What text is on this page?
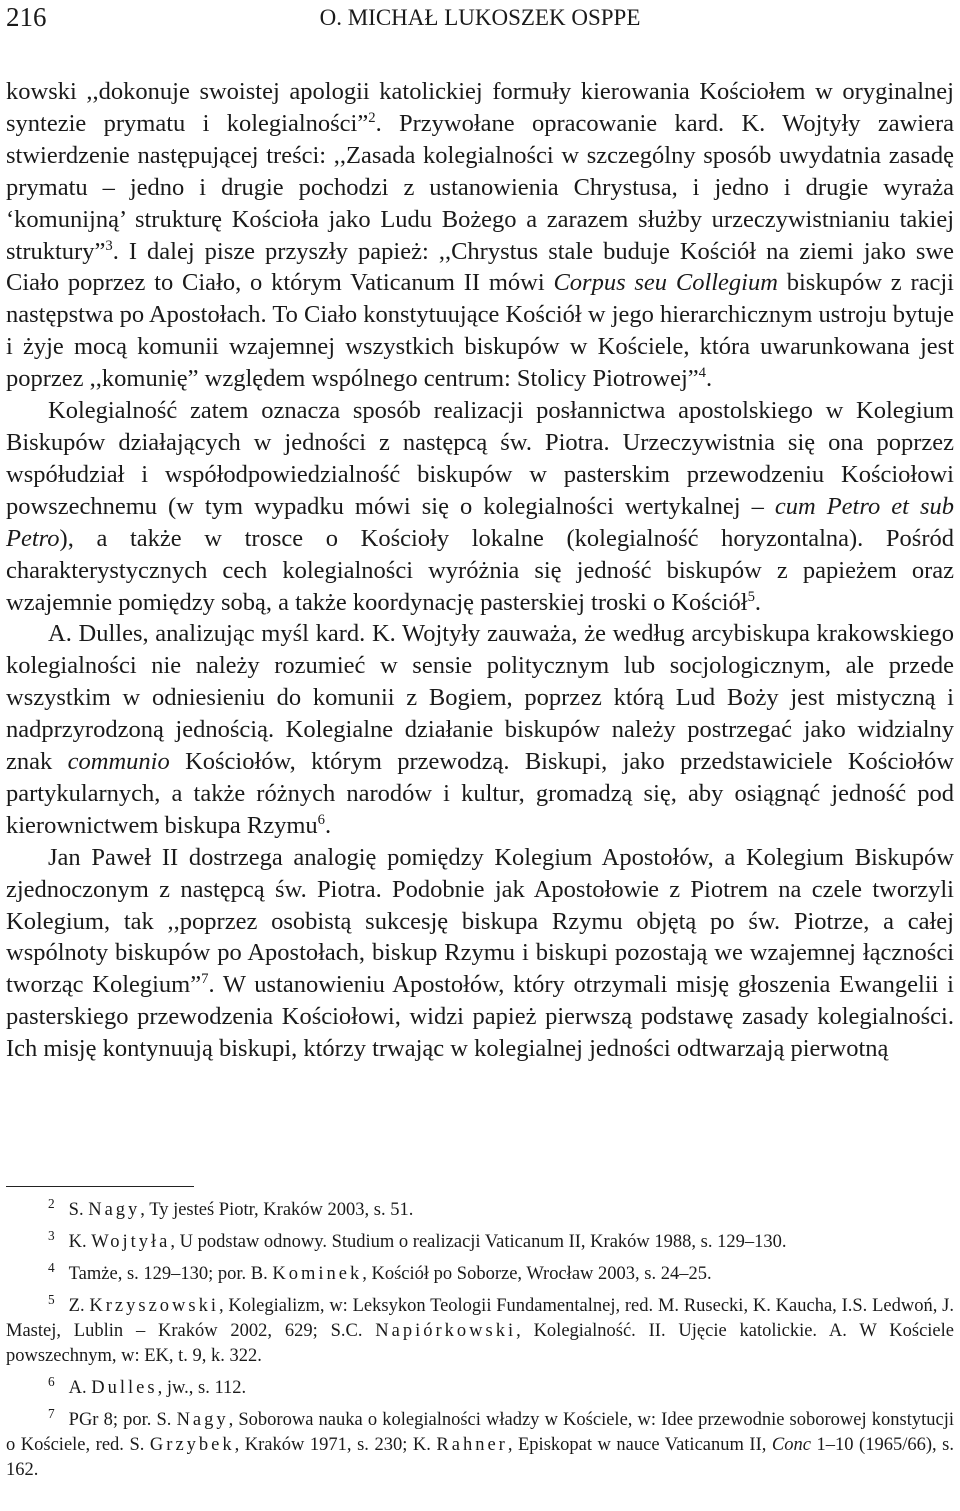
216	O. MICHAŁ LUKOSZEK OSPPE

kowski ,,dokonuje swoistej apologii katolickiej formuły kierowania Kościołem w oryginalnej syntezie prymatu i kolegialności”$^2$. Przywołane opracowanie kard. K. Wojtyły zawiera stwierdzenie następującej treści: ,,Zasada kolegialności w szczególny sposób uwydatnia zasadę prymatu – jedno i drugie pochodzi z ustanowienia Chrystusa, i jedno i drugie wyraża ‘komunijną’ strukturę Kościoła jako Ludu Bożego a zarazem służby urzeczywistnianiu takiej struktury”$^3$. I dalej pisze przyszły papież: ,,Chrystus stale buduje Kościół na ziemi jako swe Ciało poprzez to Ciało, o którym Vaticanum II mówi Corpus seu Collegium biskupów z racji następstwa po Apostołach. To Ciało konstytuujące Kościół w jego hierarchicznym ustroju bytuje i żyje mocą komunii wzajemnej wszystkich biskupów w Kościele, która uwarunkowana jest poprzez ,,komunię” względem wspólnego centrum: Stolicy Piotrowej”$^4$.

Kolegialność zatem oznacza sposób realizacji posłannictwa apostolskiego w Kolegium Biskupów działających w jedności z następcą św. Piotra. Urzeczywistnia się ona poprzez współudział i współodpowiedzialność biskupów w pasterskim przewodzeniu Kościołowi powszechnemu (w tym wypadku mówi się o kolegialności wertykalnej – cum Petro et sub Petro), a także w trosce o Kościoły lokalne (kolegialność horyzontalna). Pośród charakterystycznych cech kolegialności wyróżnia się jedność biskupów z papieżem oraz wzajemnie pomiędzy sobą, a także koordynację pasterskiej troski o Kościół$^5$.

A. Dulles, analizując myśl kard. K. Wojtyły zauważa, że według arcybiskupa krakowskiego kolegialności nie należy rozumieć w sensie politycznym lub socjologicznym, ale przede wszystkim w odniesieniu do komunii z Bogiem, poprzez którą Lud Boży jest mistyczną i nadprzyrodzoną jednością. Kolegialne działanie biskupów należy postrzegać jako widzialny znak communio Kościołów, którym przewodzą. Biskupi, jako przedstawiciele Kościołów partykularnych, a także różnych narodów i kultur, gromadzą się, aby osiągnąć jedność pod kierownictwem biskupa Rzymu$^6$.

Jan Paweł II dostrzega analogię pomiędzy Kolegium Apostołów, a Kolegium Biskupów zjednoczonym z następcą św. Piotra. Podobnie jak Apostołowie z Piotrem na czele tworzyli Kolegium, tak ,,poprzez osobistą sukcesję biskupa Rzymu objętą po św. Piotrze, a całej wspólnoty biskupów po Apostołach, biskup Rzymu i biskupi pozostają we wzajemnej łączności tworząc Kolegium”$^7$. W ustanowieniu Apostołów, który otrzymali misję głoszenia Ewangelii i pasterskiego przewodzenia Kościołowi, widzi papież pierwszą podstawę zasady kolegialności. Ich misję kontynuują biskupi, którzy trwając w kolegialnej jedności odtwarzają pierwotną

$^2$ S. Nagy, Ty jesteś Piotr, Kraków 2003, s. 51.

$^3$ K. Wojtyła, U podstaw odnowy. Studium o realizacji Vaticanum II, Kraków 1988, s. 129–130.

$^4$ Tamże, s. 129–130; por. B. Kominek, Kościół po Soborze, Wrocław 2003, s. 24–25.

$^5$ Z. Krzyszowski, Kolegializm, w: Leksykon Teologii Fundamentalnej, red. M. Rusecki, K. Kaucha, I.S. Ledwoń, J. Mastej, Lublin – Kraków 2002, 629; S.C. Napiórkowski, Kolegialność. II. Ujęcie katolickie. A. W Kościele powszechnym, w: EK, t. 9, k. 322.

$^6$ A. Dulles, jw., s. 112.

$^7$ PGr 8; por. S. Nagy, Soborowa nauka o kolegialności władzy w Kościele, w: Idee przewodnie soborowej konstytucji o Kościele, red. S. Grzybek, Kraków 1971, s. 230; K. Rahner, Episkopat w nauce Vaticanum II, Conc 1–10 (1965/66), s. 162.
